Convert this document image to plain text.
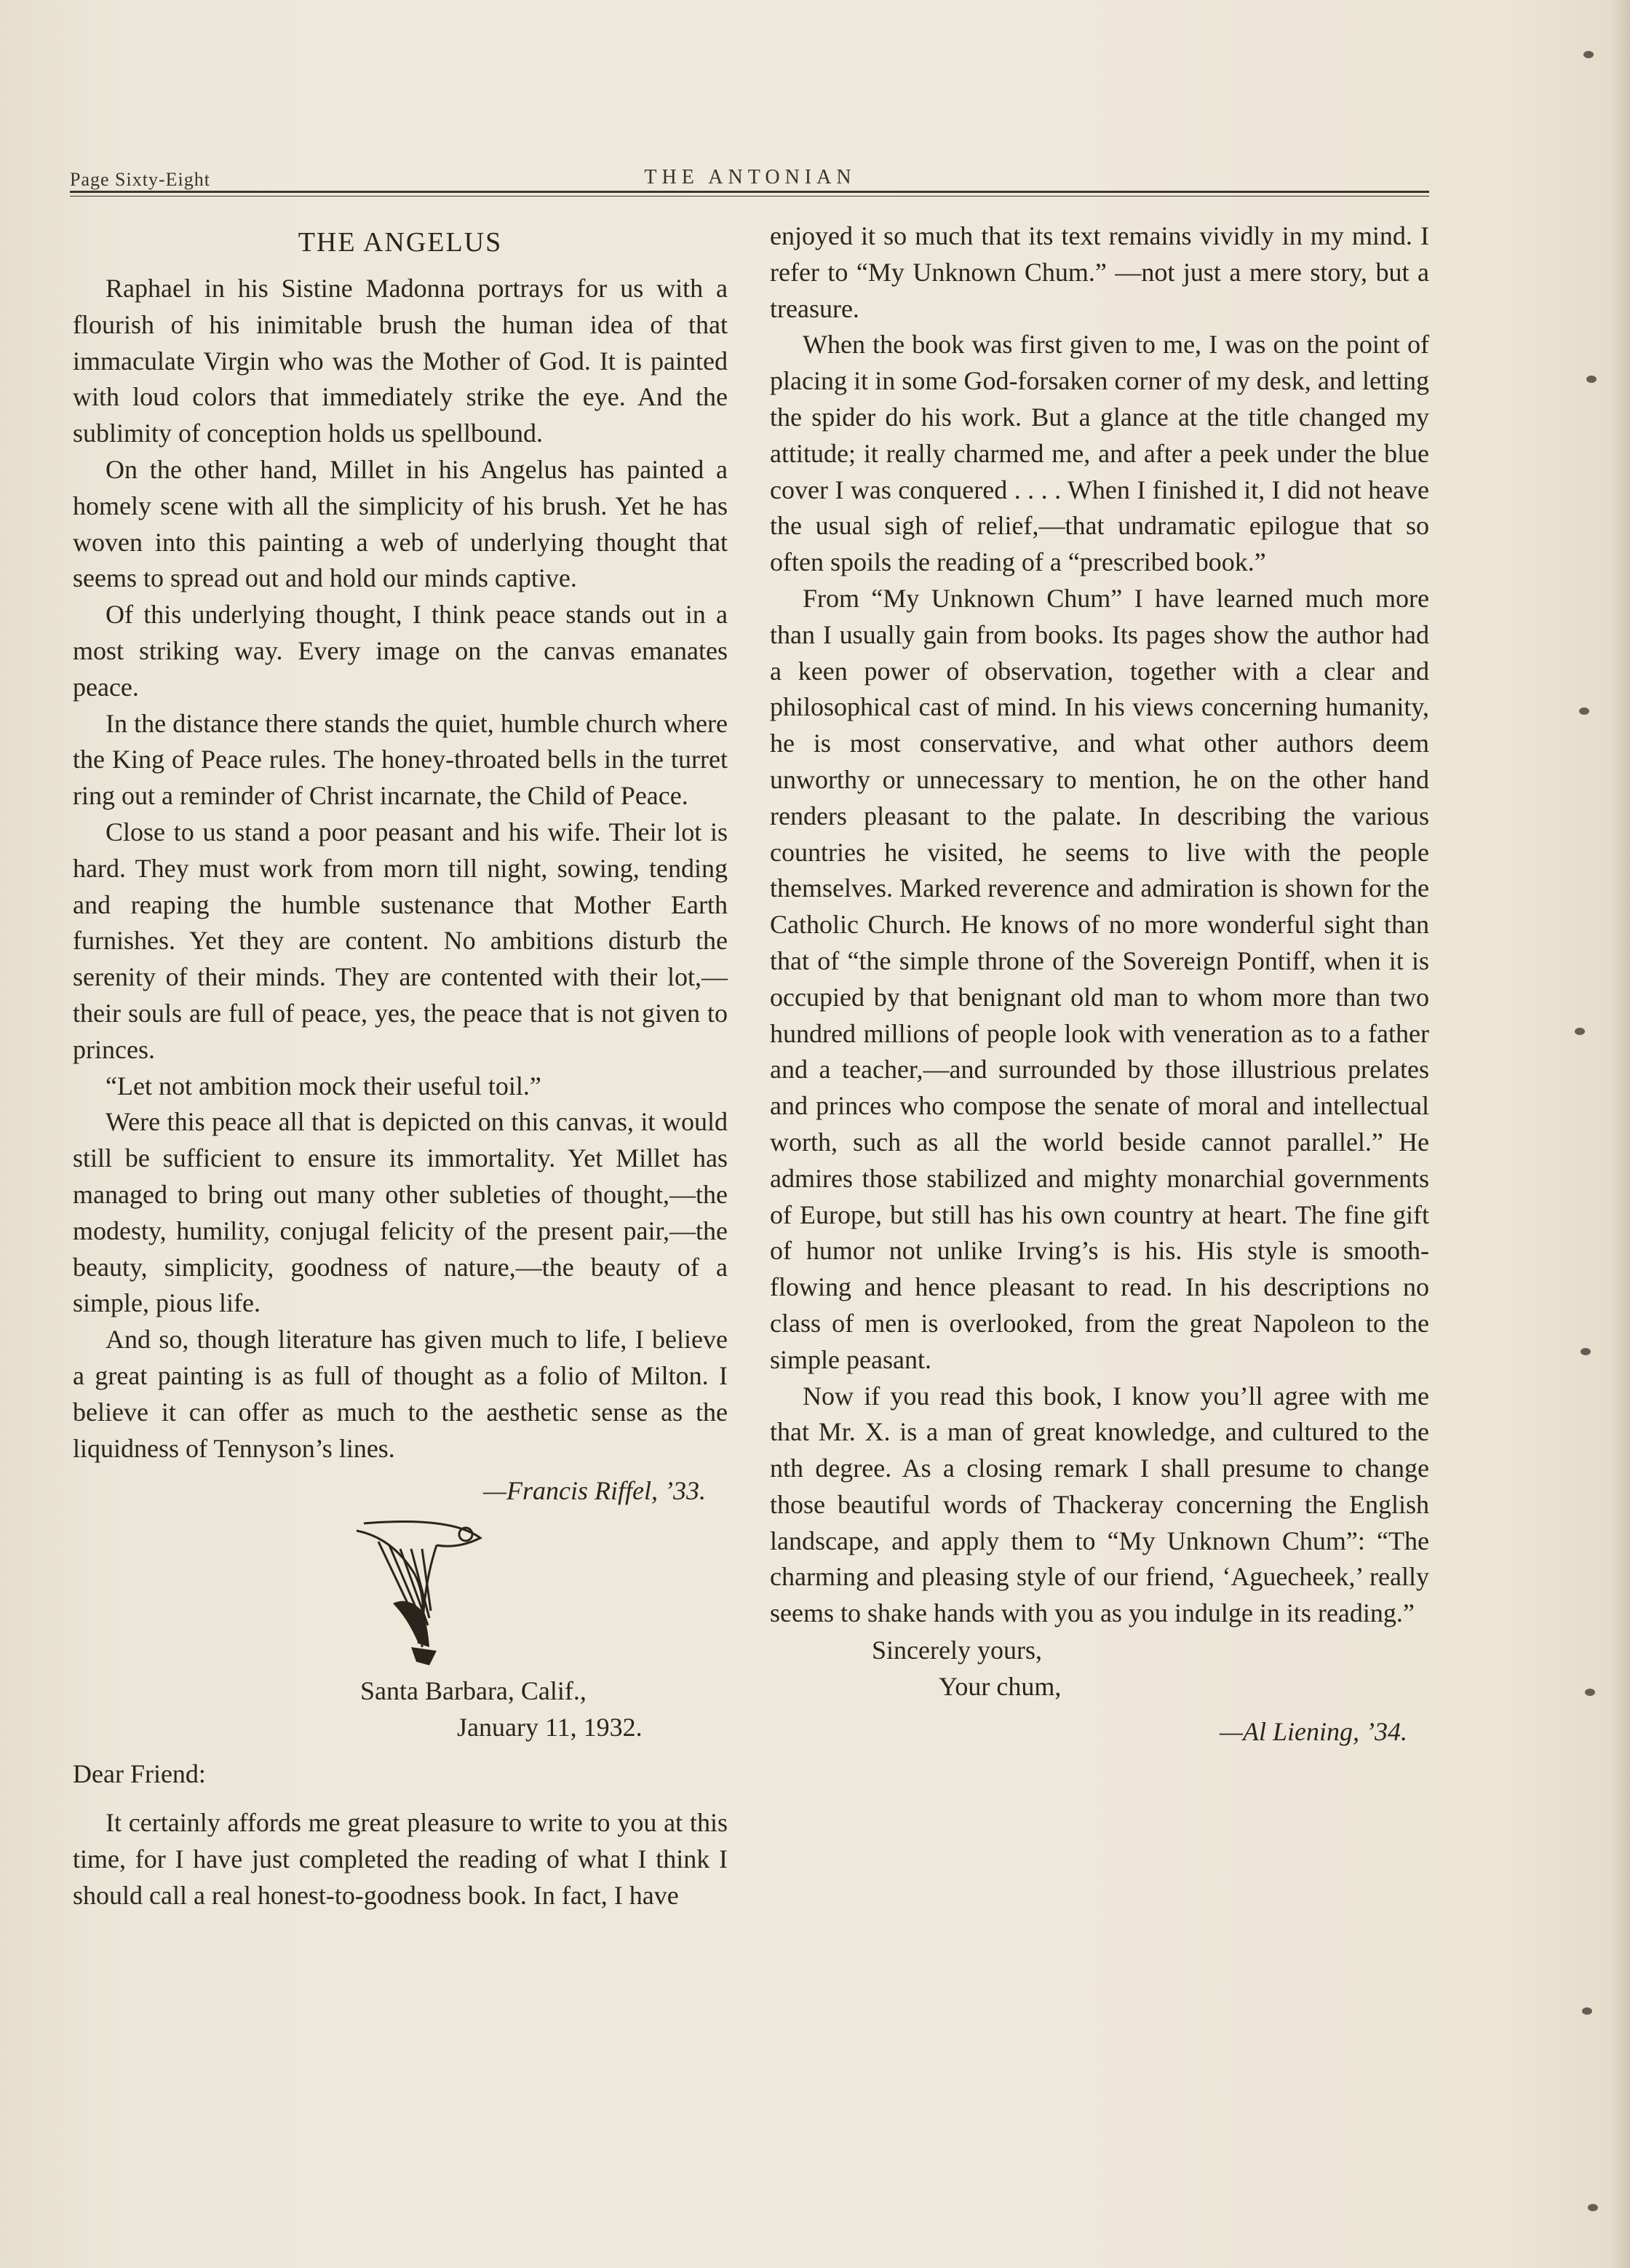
Page Sixty-Eight	THE ANTONIAN
THE ANGELUS

Raphael in his Sistine Madonna portrays for us with a flourish of his inimitable brush the human idea of that immaculate Virgin who was the Mother of God. It is painted with loud colors that immediately strike the eye. And the sublimity of conception holds us spellbound.

On the other hand, Millet in his Angelus has painted a homely scene with all the simplicity of his brush. Yet he has woven into this painting a web of underlying thought that seems to spread out and hold our minds captive.

Of this underlying thought, I think peace stands out in a most striking way. Every image on the canvas emanates peace.

In the distance there stands the quiet, humble church where the King of Peace rules. The honey-throated bells in the turret ring out a reminder of Christ incarnate, the Child of Peace.

Close to us stand a poor peasant and his wife. Their lot is hard. They must work from morn till night, sowing, tending and reaping the humble sustenance that Mother Earth furnishes. Yet they are content. No ambitions disturb the serenity of their minds. They are contented with their lot,—their souls are full of peace, yes, the peace that is not given to princes.

“Let not ambition mock their useful toil.”

Were this peace all that is depicted on this canvas, it would still be sufficient to ensure its immortality. Yet Millet has managed to bring out many other subleties of thought,—the modesty, humility, conjugal felicity of the present pair,—the beauty, simplicity, goodness of nature,—the beauty of a simple, pious life.

And so, though literature has given much to life, I believe a great painting is as full of thought as a folio of Milton. I believe it can offer as much to the aesthetic sense as the liquidness of Tennyson’s lines.

—Francis Riffel, ’33.
Santa Barbara, Calif.,
January 11, 1932.
Dear Friend:

It certainly affords me great pleasure to write to you at this time, for I have just completed the reading of what I think I should call a real honest-to-goodness book. In fact, I have

enjoyed it so much that its text remains vividly in my mind. I refer to “My Unknown Chum.” —not just a mere story, but a treasure.

When the book was first given to me, I was on the point of placing it in some God-forsaken corner of my desk, and letting the spider do his work. But a glance at the title changed my attitude; it really charmed me, and after a peek under the blue cover I was conquered . . . . When I finished it, I did not heave the usual sigh of relief,—that undramatic epilogue that so often spoils the reading of a “prescribed book.”

From “My Unknown Chum” I have learned much more than I usually gain from books. Its pages show the author had a keen power of observation, together with a clear and philosophical cast of mind. In his views concerning humanity, he is most conservative, and what other authors deem unworthy or unnecessary to mention, he on the other hand renders pleasant to the palate. In describing the various countries he visited, he seems to live with the people themselves. Marked reverence and admiration is shown for the Catholic Church. He knows of no more wonderful sight than that of “the simple throne of the Sovereign Pontiff, when it is occupied by that benignant old man to whom more than two hundred millions of people look with veneration as to a father and a teacher,—and surrounded by those illustrious prelates and princes who compose the senate of moral and intellectual worth, such as all the world beside cannot parallel.” He admires those stabilized and mighty monarchial governments of Europe, but still has his own country at heart. The fine gift of humor not unlike Irving’s is his. His style is smooth-flowing and hence pleasant to read. In his descriptions no class of men is overlooked, from the great Napoleon to the simple peasant.

Now if you read this book, I know you’ll agree with me that Mr. X. is a man of great knowledge, and cultured to the nth degree. As a closing remark I shall presume to change those beautiful words of Thackeray concerning the English landscape, and apply them to “My Unknown Chum”: “The charming and pleasing style of our friend, ‘Aguecheek,’ really seems to shake hands with you as you indulge in its reading.”

Sincerely yours,
Your chum,
—Al Liening, ’34.
